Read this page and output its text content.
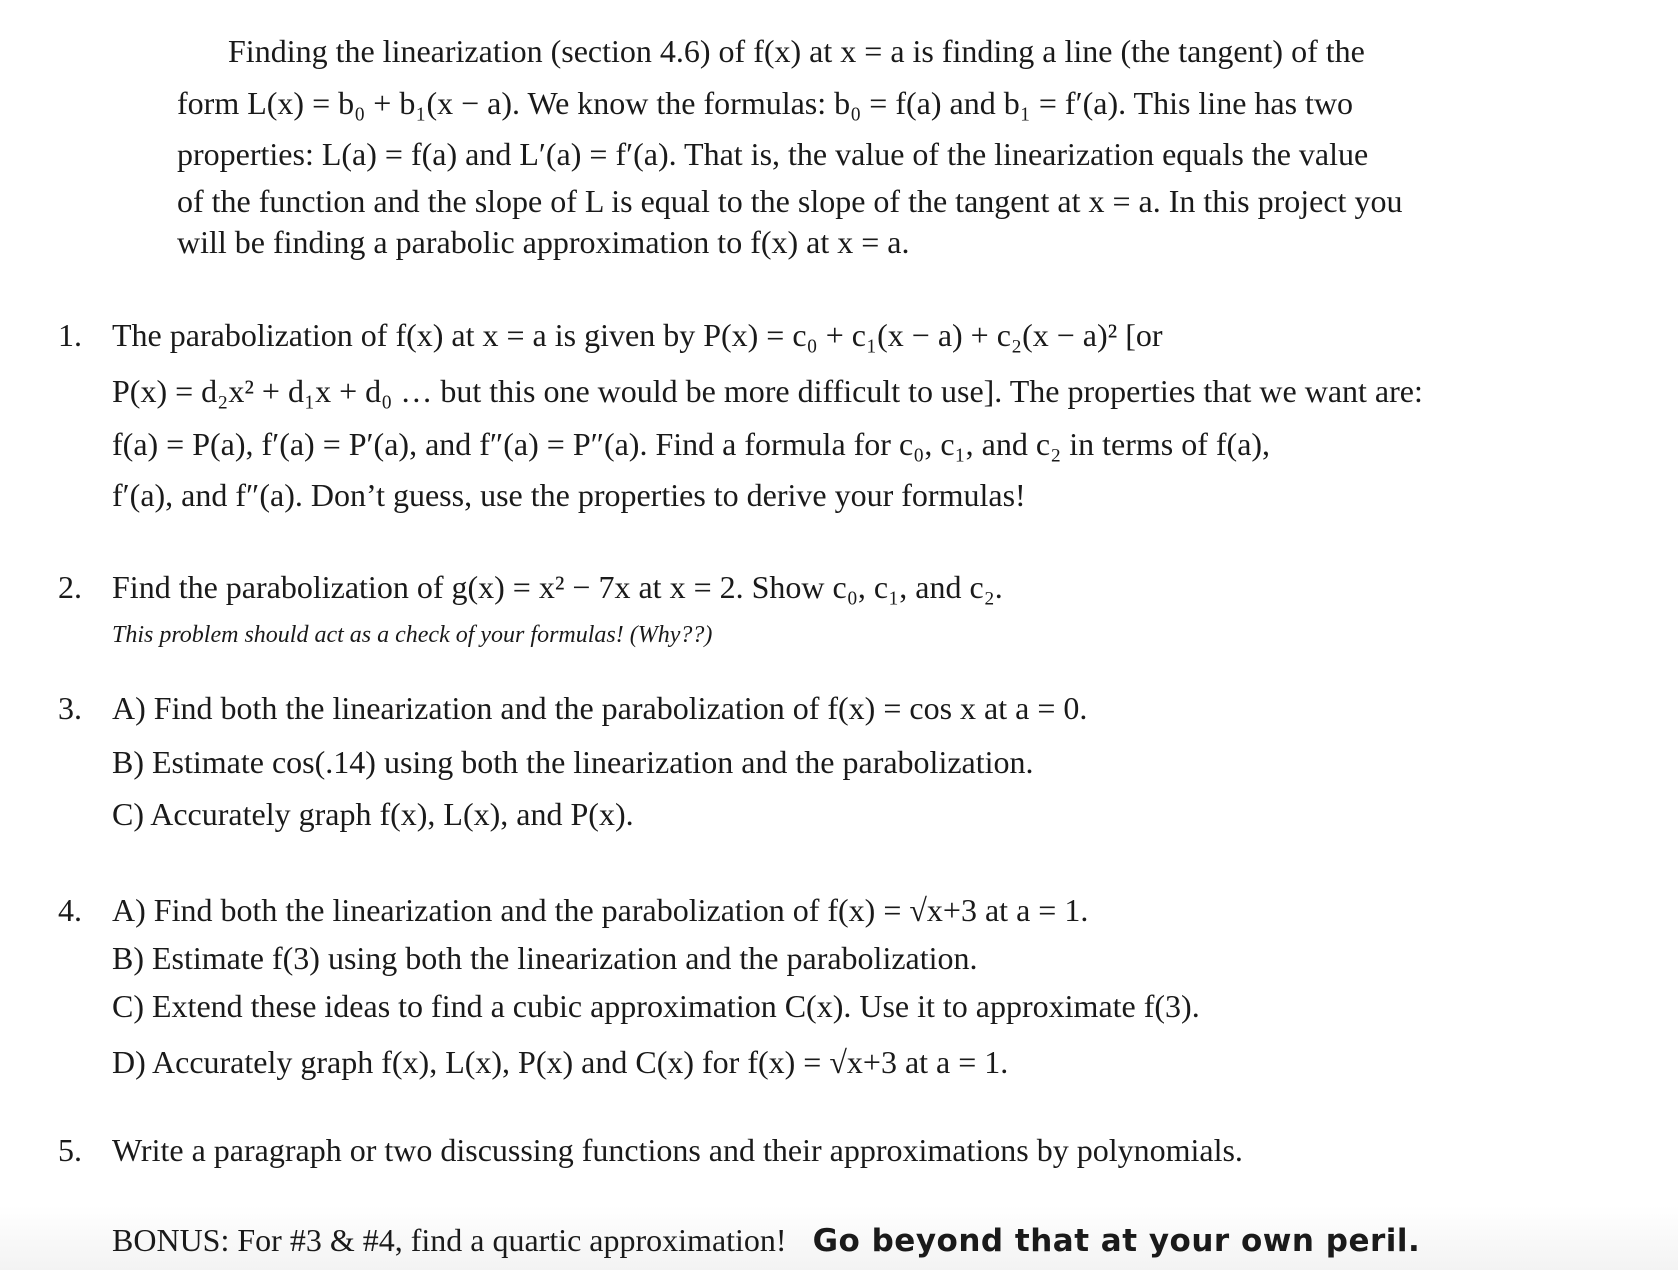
Finding the linearization (section 4.6) of f(x) at x = a is finding a line (the tangent) of the
form L(x) = b₀ + b₁(x − a). We know the formulas: b₀ = f(a) and b₁ = f′(a). This line has two
properties: L(a) = f(a) and L′(a) = f′(a). That is, the value of the linearization equals the value
of the function and the slope of L is equal to the slope of the tangent at x = a. In this project you
will be finding a parabolic approximation to f(x) at x = a.
1. The parabolization of f(x) at x = a is given by P(x) = c₀ + c₁(x − a) + c₂(x − a)² [or
P(x) = d₂x² + d₁x + d₀ … but this one would be more difficult to use]. The properties that we want are:
f(a) = P(a), f′(a) = P′(a), and f″(a) = P″(a). Find a formula for c₀, c₁, and c₂ in terms of f(a),
f′(a), and f″(a). Don’t guess, use the properties to derive your formulas!
2. Find the parabolization of g(x) = x² − 7x at x = 2. Show c₀, c₁, and c₂.
This problem should act as a check of your formulas! (Why??)
3. A) Find both the linearization and the parabolization of f(x) = cos x at a = 0.
B) Estimate cos(.14) using both the linearization and the parabolization.
C) Accurately graph f(x), L(x), and P(x).
4. A) Find both the linearization and the parabolization of f(x) = √x+3 at a = 1.
B) Estimate f(3) using both the linearization and the parabolization.
C) Extend these ideas to find a cubic approximation C(x). Use it to approximate f(3).
D) Accurately graph f(x), L(x), P(x) and C(x) for f(x) = √x+3 at a = 1.
5. Write a paragraph or two discussing functions and their approximations by polynomials.
BONUS: For #3 & #4, find a quartic approximation! Go beyond that at your own peril.
